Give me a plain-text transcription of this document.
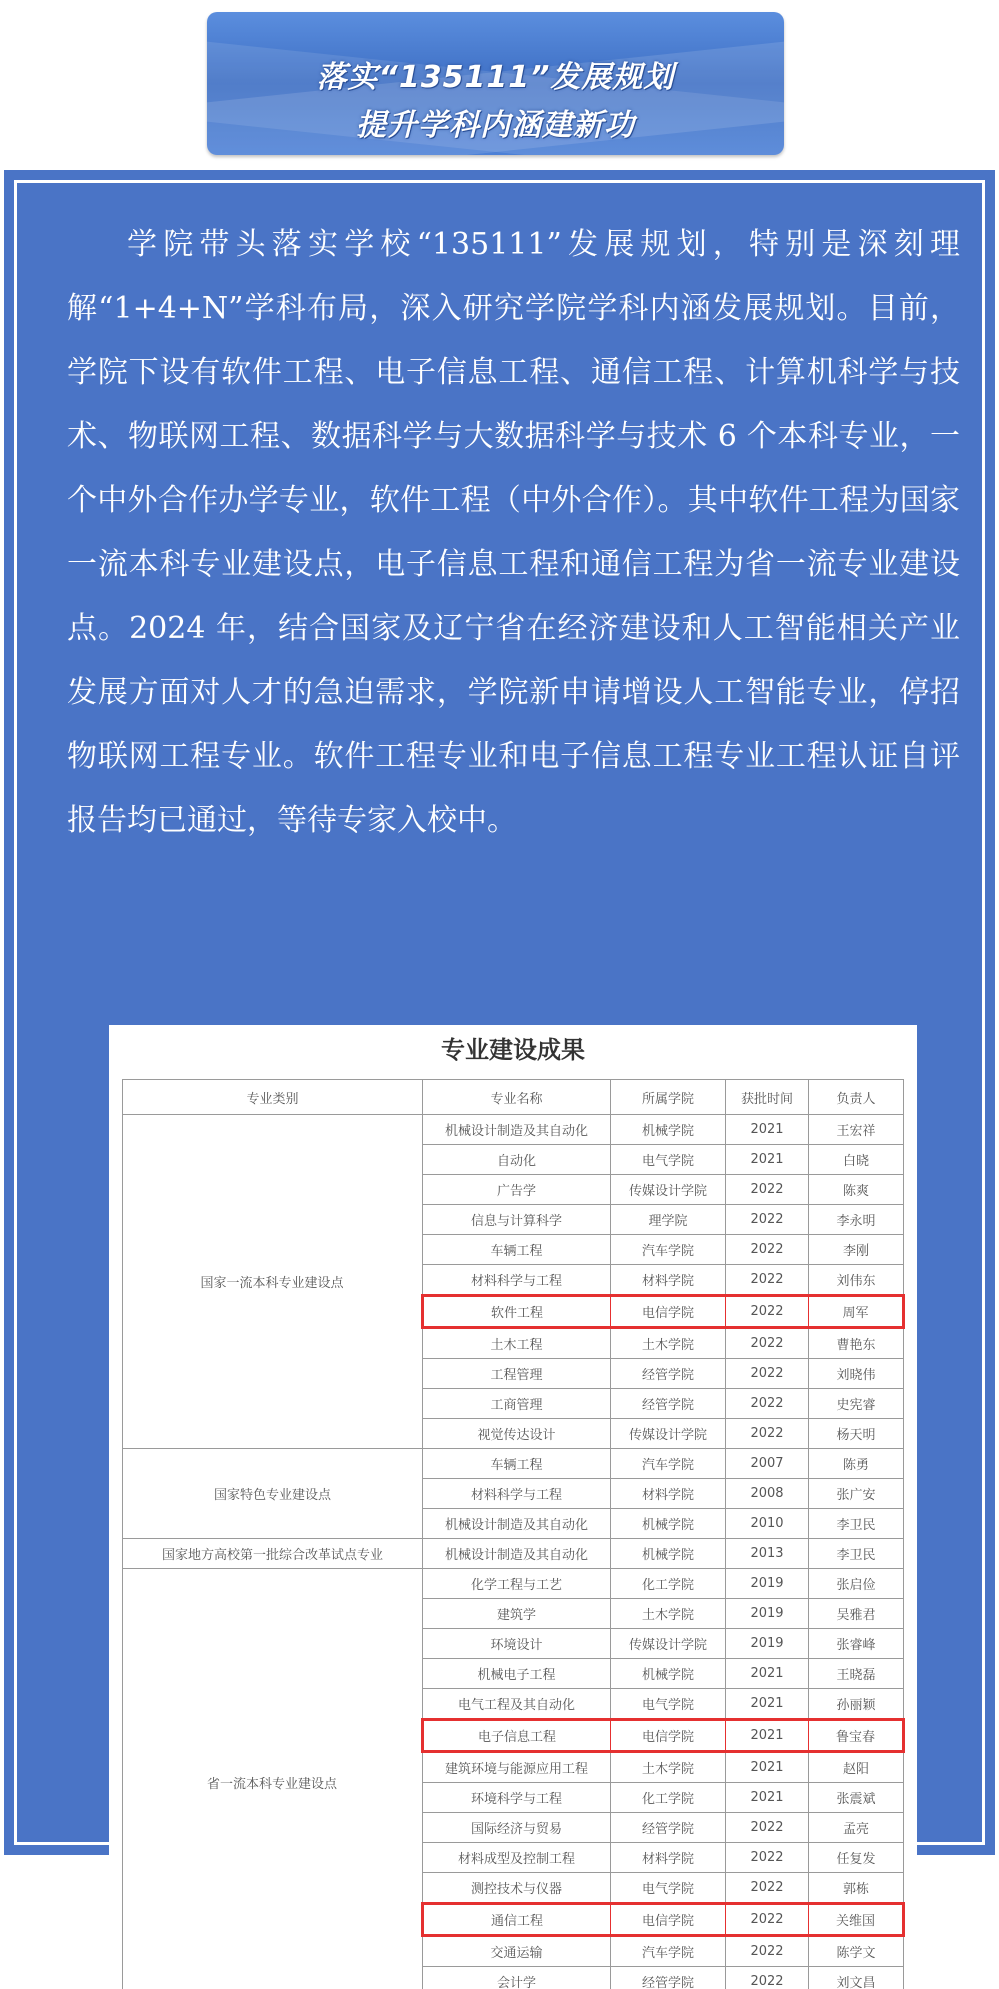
落实“135111”发展规划
提升学科内涵建新功

学院带头落实学校“135111”发展规划，特别是深刻理解“1+4+N”学科布局，深入研究学院学科内涵发展规划。目前，学院下设有软件工程、电子信息工程、通信工程、计算机科学与技术、物联网工程、数据科学与大数据科学与技术 6 个本科专业，一个中外合作办学专业，软件工程（中外合作）。其中软件工程为国家一流本科专业建设点，电子信息工程和通信工程为省一流专业建设点。2024 年，结合国家及辽宁省在经济建设和人工智能相关产业发展方面对人才的急迫需求，学院新申请增设人工智能专业，停招物联网工程专业。软件工程专业和电子信息工程专业工程认证自评报告均已通过，等待专家入校中。

专业建设成果
专业类别	专业名称	所属学院	获批时间	负责人
国家一流本科专业建设点	机械设计制造及其自动化	机械学院	2021	王宏祥
	自动化	电气学院	2021	白晓
	广告学	传媒设计学院	2022	陈爽
	信息与计算科学	理学院	2022	李永明
	车辆工程	汽车学院	2022	李刚
	材料科学与工程	材料学院	2022	刘伟东
	软件工程	电信学院	2022	周军
	土木工程	土木学院	2022	曹艳东
	工程管理	经管学院	2022	刘晓伟
	工商管理	经管学院	2022	史宪睿
	视觉传达设计	传媒设计学院	2022	杨天明
国家特色专业建设点	车辆工程	汽车学院	2007	陈勇
	材料科学与工程	材料学院	2008	张广安
	机械设计制造及其自动化	机械学院	2010	李卫民
国家地方高校第一批综合改革试点专业	机械设计制造及其自动化	机械学院	2013	李卫民
省一流本科专业建设点	化学工程与工艺	化工学院	2019	张启俭
	建筑学	土木学院	2019	吴雅君
	环境设计	传媒设计学院	2019	张睿峰
	机械电子工程	机械学院	2021	王晓磊
	电气工程及其自动化	电气学院	2021	孙丽颖
	电子信息工程	电信学院	2021	鲁宝春
	建筑环境与能源应用工程	土木学院	2021	赵阳
	环境科学与工程	化工学院	2021	张震斌
	国际经济与贸易	经管学院	2022	孟亮
	材料成型及控制工程	材料学院	2022	任复发
	测控技术与仪器	电气学院	2022	郭栋
	通信工程	电信学院	2022	关维国
	交通运输	汽车学院	2022	陈学文
	会计学	经管学院	2022	刘文昌
